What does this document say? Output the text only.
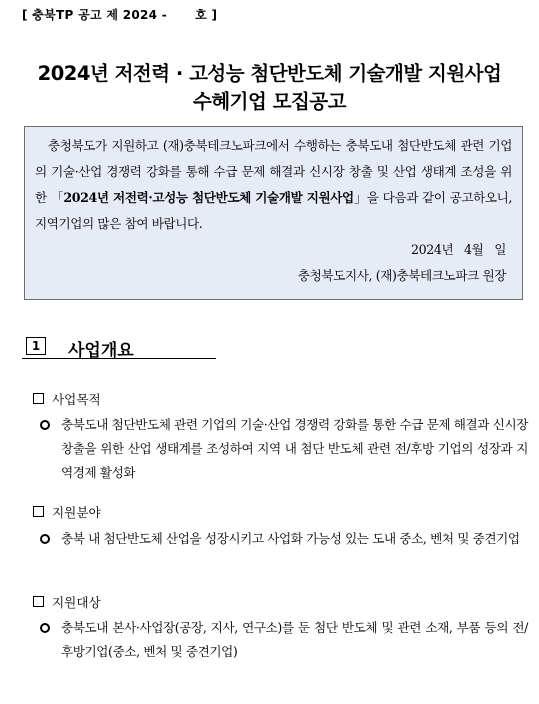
[ 충북TP 공고 제 2024 - 호 ]
2024년 저전력 · 고성능 첨단반도체 기술개발 지원사업
수혜기업 모집공고

충청북도가 지원하고 (재)충북테크노파크에서 수행하는 충북도내 첨단반도체 관련 기업의 기술·산업 경쟁력 강화를 통해 수급 문제 해결과 신시장 창출 및 산업 생태계 조성을 위한 「2024년 저전력·고성능 첨단반도체 기술개발 지원사업」을 다음과 같이 공고하오니, 지역기업의 많은 참여 바랍니다.

2024년   4월   일

충청북도지사, (재)충북테크노파크 원장

1	사업개요
사업목적
충북도내 첨단반도체 관련 기업의 기술·산업 경쟁력 강화를 통한 수급 문제 해결과 신시장 창출을 위한 산업 생태계를 조성하여 지역 내 첨단 반도체 관련 전/후방 기업의 성장과 지역경제 활성화
지원분야
충북 내 첨단반도체 산업을 성장시키고 사업화 가능성 있는 도내 중소, 벤처 및 중견기업
지원대상
충북도내 본사·사업장(공장, 지사, 연구소)를 둔 첨단 반도체 및 관련 소재, 부품 등의 전/후방기업(중소, 벤처 및 중견기업)
